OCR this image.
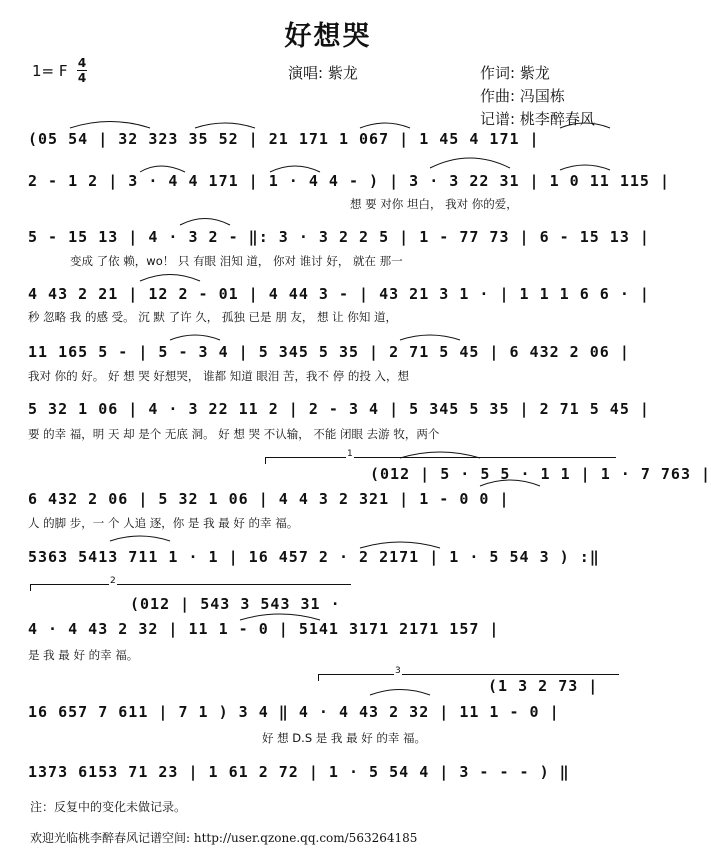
好想哭
1= F 4
4	演唱: 紫龙	作词: 紫龙
作曲: 冯国栋
记谱: 桃李醉春风
(05 54 | 32 323 35 52 | 21 171 1 067 | 1 45 4 171 |
2 - 1 2 | 3 · 4 4 171 | 1 · 4 4 - ) | 3 · 3 22 31 | 1 0 11 115 |
想 要 对你 坦白， 我对 你的爱，
5 - 15 13 | 4 · 3 2 - ‖: 3 · 3 2 2 5 | 1 - 77 73 | 6 - 15 13 |
变成 了依 赖，wo！ 只 有眼 泪知 道， 你对 谁讨 好， 就在 那一
4 43 2 21 | 12 2 - 01 | 4 44 3 - | 43 21 3 1 · | 1 1 1 6 6 · |
秒 忽略 我 的感 受。 沉 默 了许 久， 孤独 已是 朋 友， 想 让 你知 道，
11 165 5 - | 5 - 3 4 | 5 345 5 35 | 2 71 5 45 | 6 432 2 06 |
我对 你的 好。 好 想 哭 好想哭， 谁都 知道 眼泪 苦，我不 停 的投 入，想
5 32 1 06 | 4 · 3 22 11 2 | 2 - 3 4 | 5 345 5 35 | 2 71 5 45 |
要 的幸 福，明 天 却 是个 无底 洞。 好 想 哭 不认输， 不能 闭眼 去游 牧，两个
1
(012 | 5 · 5 5 · 1 1 | 1 · 7 763 |
6 432 2 06 | 5 32 1 06 | 4 4 3 2 321 | 1 - 0 0 |
人 的脚 步，一 个 人追 逐，你 是 我 最 好 的幸 福。
5363 5413 711 1 · 1 | 16 457 2 · 2 2171 | 1 · 5 54 3 ) :‖
2
(012 | 543 3 543 31 ·
4 · 4 43 2 32 | 11 1 - 0 | 5141 3171 2171 157 |
是 我 最 好 的幸 福。
3
(1 3 2 73 |
16 657 7 611 | 7 1 ) 3 4 ‖ 4 · 4 43 2 32 | 11 1 - 0 |
好 想 D.S 是 我 最 好 的幸 福。
1373 6153 71 23 | 1 61 2 72 | 1 · 5 54 4 | 3 - - - ) ‖
注：反复中的变化未做记录。
欢迎光临桃李醉春风记谱空间: http://user.qzone.qq.com/563264185
